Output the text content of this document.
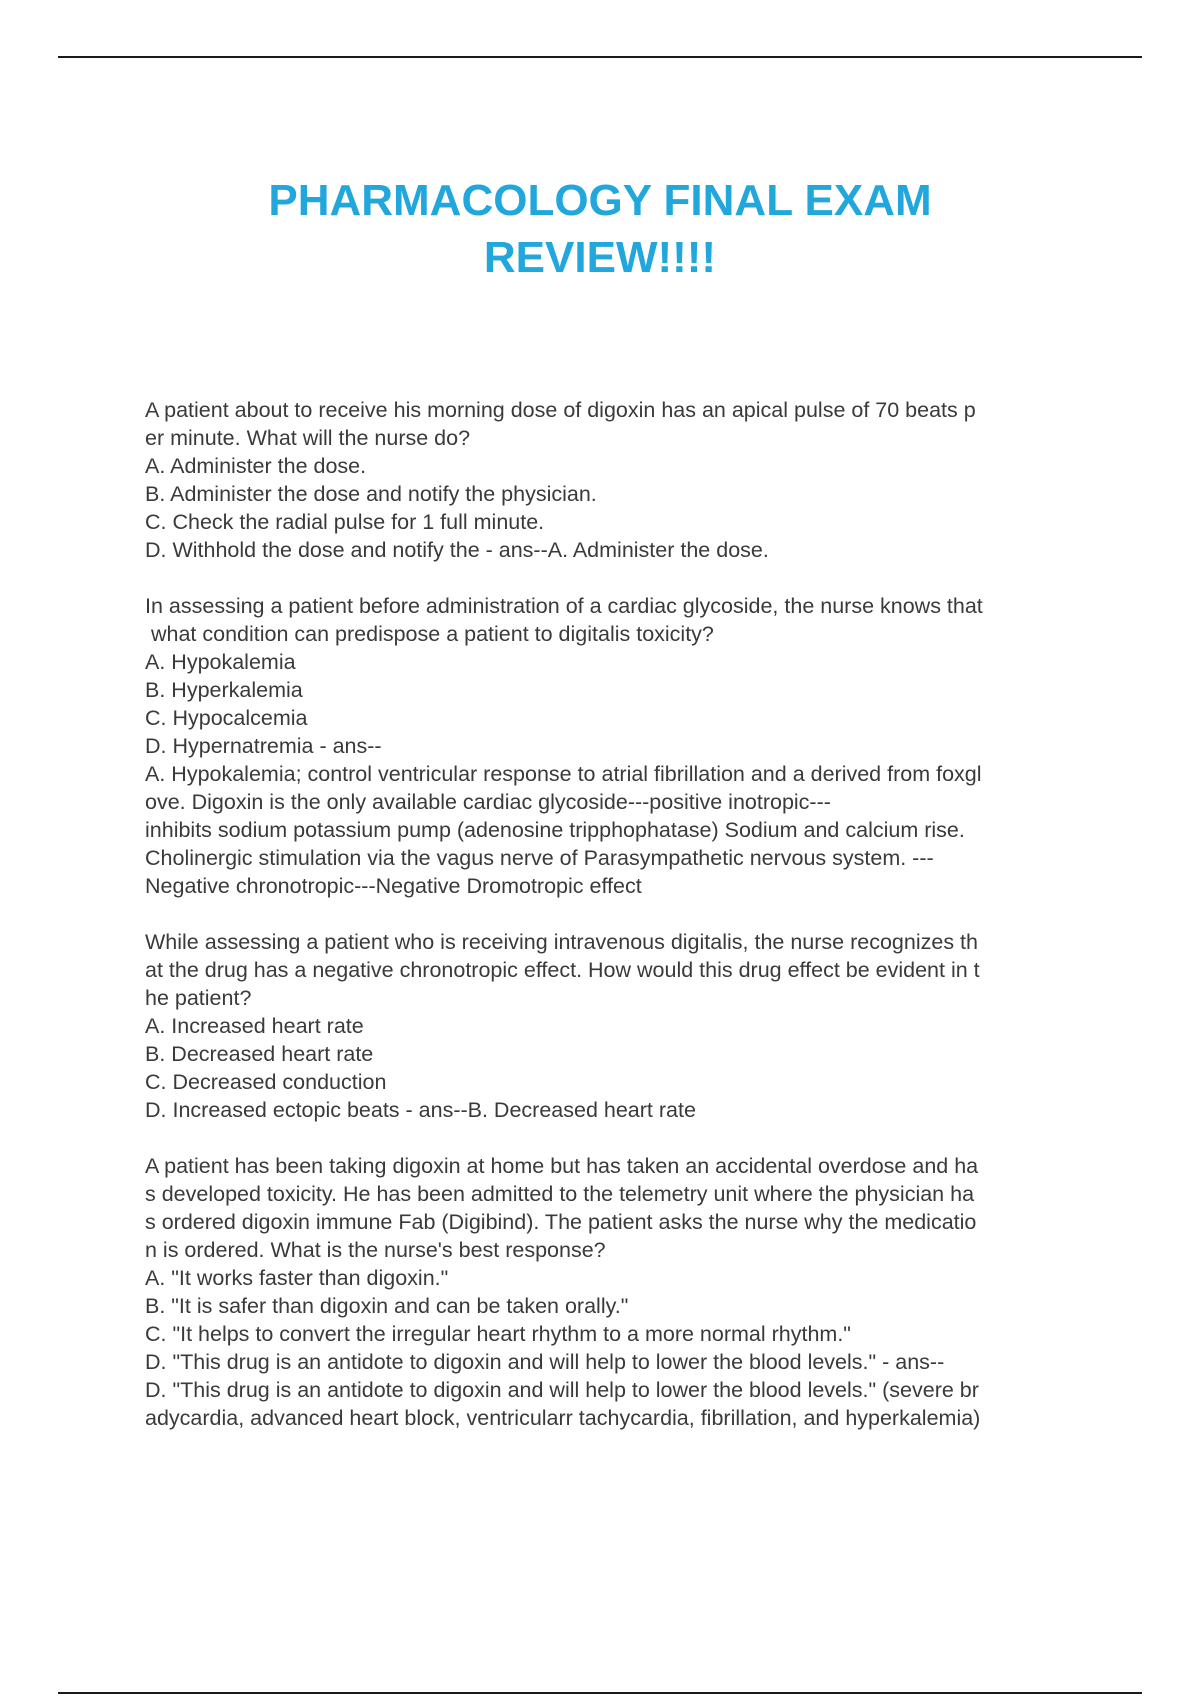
PHARMACOLOGY FINAL EXAM
REVIEW!!!!
A patient about to receive his morning dose of digoxin has an apical pulse of 70 beats p
er minute. What will the nurse do?
A. Administer the dose.
B. Administer the dose and notify the physician.
C. Check the radial pulse for 1 full minute.
D. Withhold the dose and notify the - ans--A. Administer the dose.
In assessing a patient before administration of a cardiac glycoside, the nurse knows that
what condition can predispose a patient to digitalis toxicity?
A. Hypokalemia
B. Hyperkalemia
C. Hypocalcemia
D. Hypernatremia - ans--
A. Hypokalemia; control ventricular response to atrial fibrillation and a derived from foxgl
ove. Digoxin is the only available cardiac glycoside---positive inotropic---
inhibits sodium potassium pump (adenosine tripphophatase) Sodium and calcium rise.
Cholinergic stimulation via the vagus nerve of Parasympathetic nervous system. ---
Negative chronotropic---Negative Dromotropic effect
While assessing a patient who is receiving intravenous digitalis, the nurse recognizes th
at the drug has a negative chronotropic effect. How would this drug effect be evident in t
he patient?
A. Increased heart rate
B. Decreased heart rate
C. Decreased conduction
D. Increased ectopic beats - ans--B. Decreased heart rate
A patient has been taking digoxin at home but has taken an accidental overdose and ha
s developed toxicity. He has been admitted to the telemetry unit where the physician ha
s ordered digoxin immune Fab (Digibind). The patient asks the nurse why the medicatio
n is ordered. What is the nurse's best response?
A. "It works faster than digoxin."
B. "It is safer than digoxin and can be taken orally."
C. "It helps to convert the irregular heart rhythm to a more normal rhythm."
D. "This drug is an antidote to digoxin and will help to lower the blood levels." - ans--
D. "This drug is an antidote to digoxin and will help to lower the blood levels." (severe br
adycardia, advanced heart block, ventricularr tachycardia, fibrillation, and hyperkalemia)
